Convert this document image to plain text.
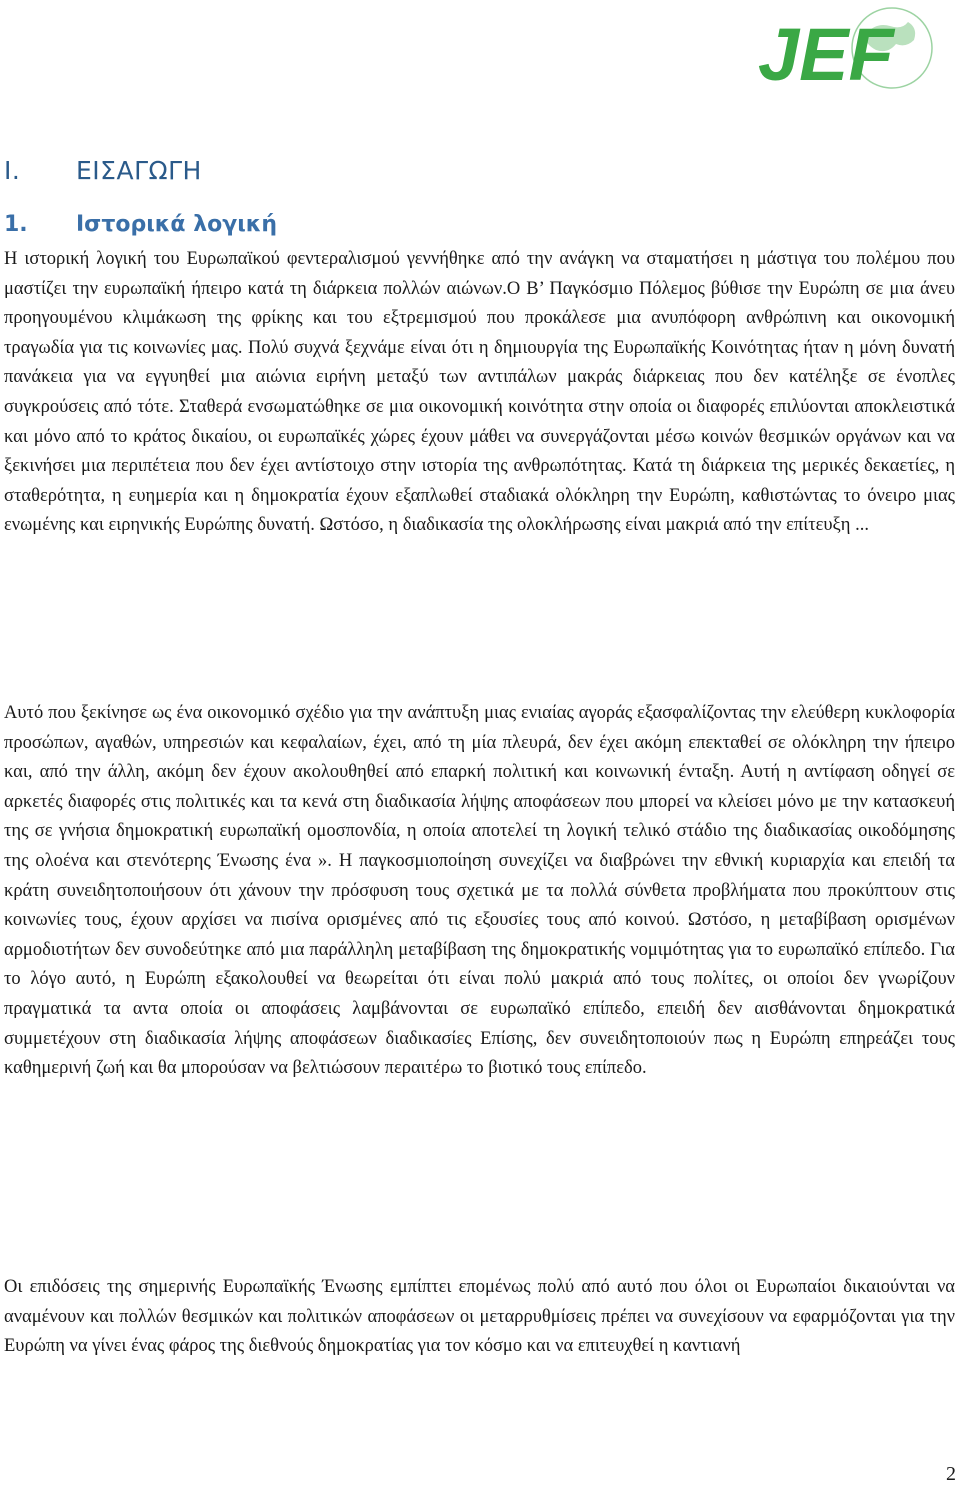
JEF
I. ΕΙΣΑΓΩΓΗ
1. Ιστορικά λογική

Η ιστορική λογική του Ευρωπαϊκού φεντεραλισμού γεννήθηκε από την ανάγκη να σταματήσει η μάστιγα του πολέμου που μαστίζει την ευρωπαϊκή ήπειρο κατά τη διάρκεια πολλών αιώνων.Ο Β’ Παγκόσμιο Πόλεμος βύθισε την Ευρώπη σε μια άνευ προηγουμένου κλιμάκωση της φρίκης και του εξτρεμισμού που προκάλεσε μια ανυπόφορη ανθρώπινη και οικονομική τραγωδία για τις κοινωνίες μας. Πολύ συχνά ξεχνάμε είναι ότι η δημιουργία της Ευρωπαϊκής Κοινότητας ήταν η μόνη δυνατή πανάκεια για να εγγυηθεί μια αιώνια ειρήνη μεταξύ των αντιπάλων μακράς διάρκειας που δεν κατέληξε σε ένοπλες συγκρούσεις από τότε. Σταθερά ενσωματώθηκε σε μια οικονομική κοινότητα στην οποία οι διαφορές επιλύονται αποκλειστικά και μόνο από το κράτος δικαίου, οι ευρωπαϊκές χώρες έχουν μάθει να συνεργάζονται μέσω κοινών θεσμικών οργάνων και να ξεκινήσει μια περιπέτεια που δεν έχει αντίστοιχο στην ιστορία της ανθρωπότητας. Κατά τη διάρκεια της μερικές δεκαετίες, η σταθερότητα, η ευημερία και η δημοκρατία έχουν εξαπλωθεί σταδιακά ολόκληρη την Ευρώπη, καθιστώντας το όνειρο μιας ενωμένης και ειρηνικής Ευρώπης δυνατή. Ωστόσο, η διαδικασία της ολοκλήρωσης είναι μακριά από την επίτευξη ...

Αυτό που ξεκίνησε ως ένα οικονομικό σχέδιο για την ανάπτυξη μιας ενιαίας αγοράς εξασφαλίζοντας την ελεύθερη κυκλοφορία προσώπων, αγαθών, υπηρεσιών και κεφαλαίων, έχει, από τη μία πλευρά, δεν έχει ακόμη επεκταθεί σε ολόκληρη την ήπειρο και, από την άλλη, ακόμη δεν έχουν ακολουθηθεί από επαρκή πολιτική και κοινωνική ένταξη. Αυτή η αντίφαση οδηγεί σε αρκετές διαφορές στις πολιτικές και τα κενά στη διαδικασία λήψης αποφάσεων που μπορεί να κλείσει μόνο με την κατασκευή της σε γνήσια δημοκρατική ευρωπαϊκή ομοσπονδία, η οποία αποτελεί τη λογική τελικό στάδιο της διαδικασίας οικοδόμησης της ολοένα και στενότερης Ένωσης ένα ». Η παγκοσμιοποίηση συνεχίζει να διαβρώνει την εθνική κυριαρχία και επειδή τα κράτη συνειδητοποιήσουν ότι χάνουν την πρόσφυση τους σχετικά με τα πολλά σύνθετα προβλήματα που προκύπτουν στις κοινωνίες τους, έχουν αρχίσει να πισίνα ορισμένες από τις εξουσίες τους από κοινού. Ωστόσο, η μεταβίβαση ορισμένων αρμοδιοτήτων δεν συνοδεύτηκε από μια παράλληλη μεταβίβαση της δημοκρατικής νομιμότητας για το ευρωπαϊκό επίπεδο. Για το λόγο αυτό, η Ευρώπη εξακολουθεί να θεωρείται ότι είναι πολύ μακριά από τους πολίτες, οι οποίοι δεν γνωρίζουν πραγματικά τα αντα οποία οι αποφάσεις λαμβάνονται σε ευρωπαϊκό επίπεδο, επειδή δεν αισθάνονται δημοκρατικά συμμετέχουν στη διαδικασία λήψης αποφάσεων διαδικασίες Επίσης, δεν συνειδητοποιούν πως η Ευρώπη επηρεάζει τους καθημερινή ζωή και θα μπορούσαν να βελτιώσουν περαιτέρω το βιοτικό τους επίπεδο.

Οι επιδόσεις της σημερινής Ευρωπαϊκής Ένωσης εμπίπτει επομένως πολύ από αυτό που όλοι οι Ευρωπαίοι δικαιούνται να αναμένουν και πολλών θεσμικών και πολιτικών αποφάσεων οι μεταρρυθμίσεις πρέπει να συνεχίσουν να εφαρμόζονται για την Ευρώπη να γίνει ένας φάρος της διεθνούς δημοκρατίας για τον κόσμο και να επιτευχθεί η καντιανή

2
